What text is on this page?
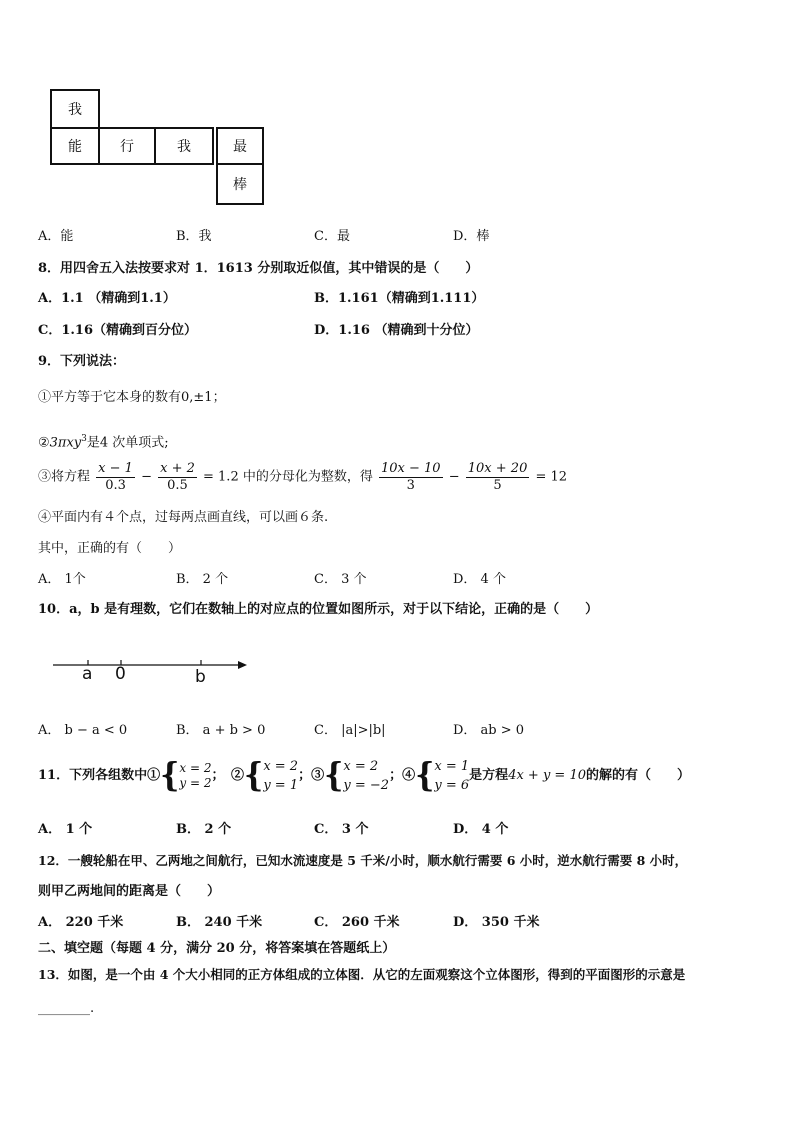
我
能	行	我	最
棒
A．能	B．我	C．最	D．棒
8．用四舍五入法按要求对 1．1613 分别取近似值，其中错误的是（　　）
A．1.1 （精确到1.1）	B．1.161（精确到1.111）
C．1.16（精确到百分位）	D．1.16 （精确到十分位）
9．下列说法：
①平方等于它本身的数有0,±1；
②3πxy$^3$是4 次单项式;
③将方程 $\frac{x - 1}{0.3} - \frac{x + 2}{0.5} = 1.2$ 中的分母化为整数，得 $\frac{10x - 10}{3} - \frac{10x + 20}{5} = 12$
④平面内有４个点，过每两点画直线，可以画６条.
其中，正确的有（　　）
A． 1个	B． 2 个	C． 3 个	D． 4 个
10．a，b 是有理数，它们在数轴上的对应点的位置如图所示，对于以下结论，正确的是（　　）
a 0	b
A． b − a < 0	B． a + b > 0	C． |a|>|b|	D． ab > 0
11．下列各组数中①{ x = 2
y = 2 ；　②{ x = 2
y = 1
；③{ x = 2
y = −2
；④{ x = 1
y = 6
是方程4x + y = 10的解的有（　　）
A． 1 个	B． 2 个	C． 3 个	D． 4 个
12．一艘轮船在甲、乙两地之间航行，已知水流速度是 5 千米/小时，顺水航行需要 6 小时，逆水航行需要 8 小时，
则甲乙两地间的距离是（　　）
A． 220 千米	B． 240 千米	C． 260 千米	D． 350 千米
二、填空题（每题 4 分，满分 20 分，将答案填在答题纸上）
13．如图，是一个由 4 个大小相同的正方体组成的立体图．从它的左面观察这个立体图形，得到的平面图形的示意是
________.
